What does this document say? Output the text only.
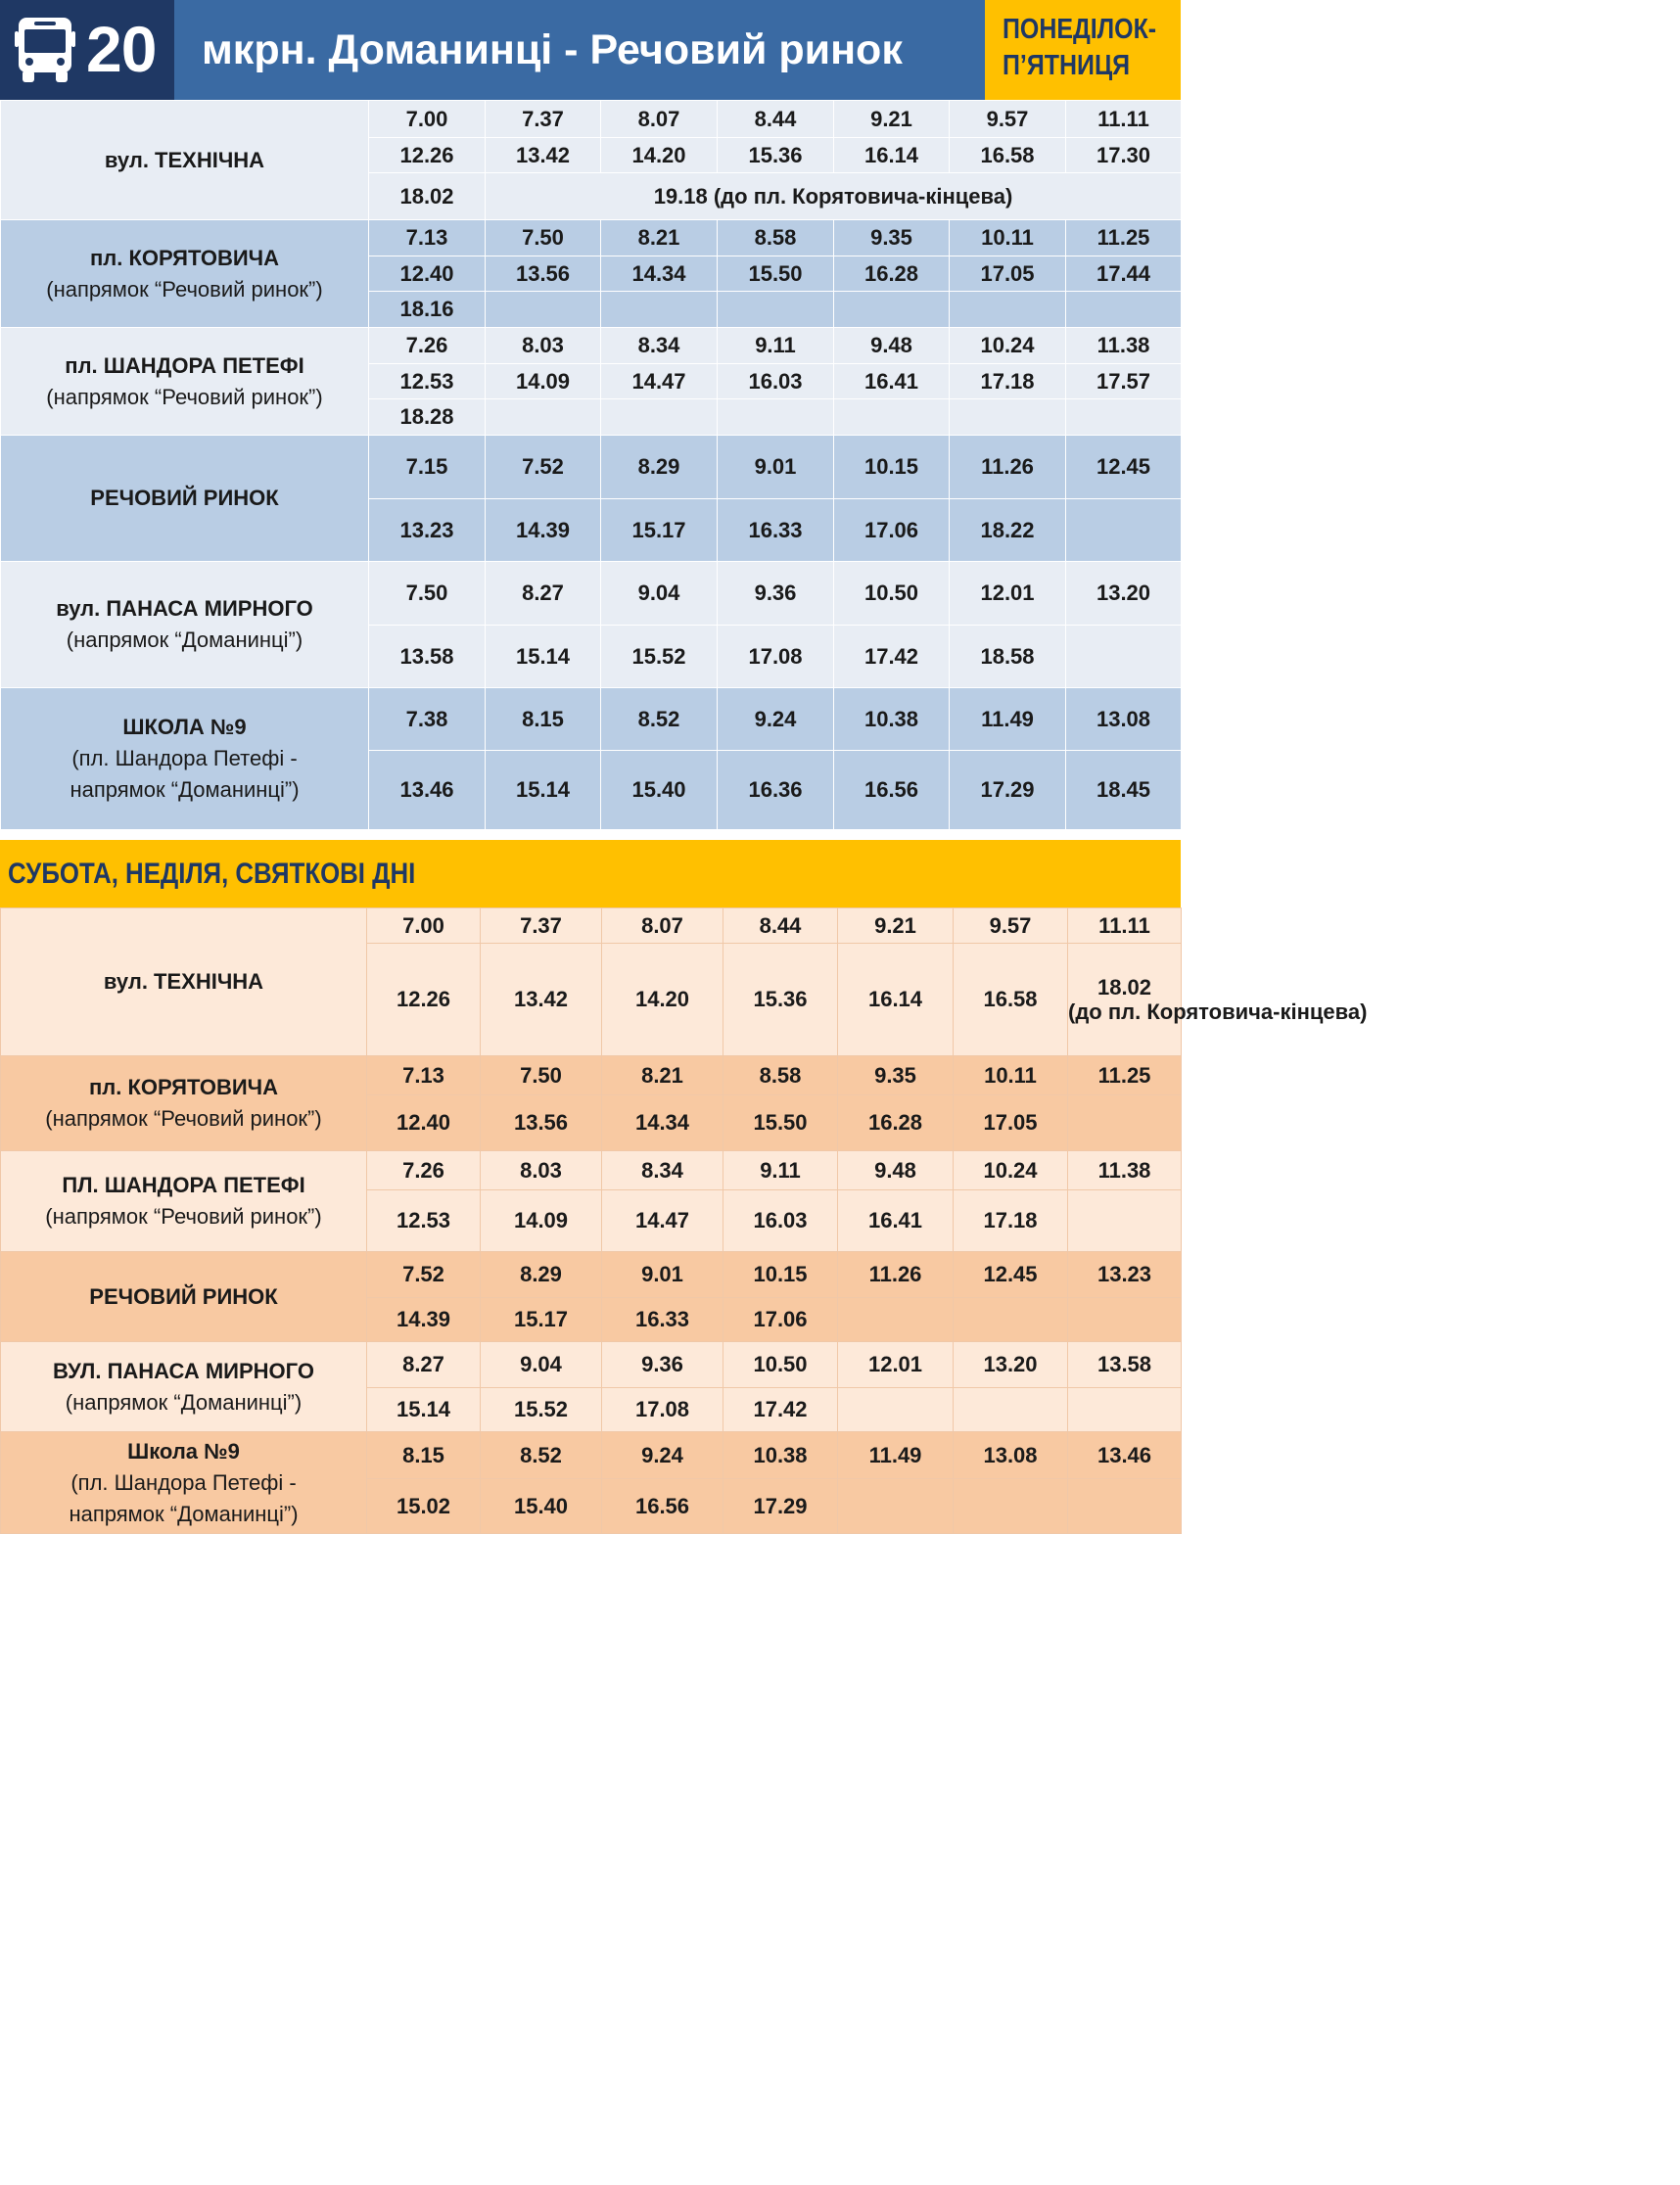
20 мкрн. Доманинці - Речовий ринок	ПОНЕДІЛОК-
П’ЯТНИЦЯ
вул. ТЕХНІЧНА	7.00	7.37	8.07	8.44	9.21	9.57	11.11
	12.26	13.42	14.20	15.36	16.14	16.58	17.30
	18.02	19.18 (до пл. Корятовича-кінцева)					

пл. КОРЯТОВИЧА
(напрямок “Речовий ринок”)	7.13	7.50	8.21	8.58	9.35	10.11	11.25
	12.40	13.56	14.34	15.50	16.28	17.05	17.44
	18.16						

пл. ШАНДОРА ПЕТЕФІ
(напрямок “Речовий ринок”)	7.26	8.03	8.34	9.11	9.48	10.24	11.38
	12.53	14.09	14.47	16.03	16.41	17.18	17.57
	18.28						

РЕЧОВИЙ РИНОК	7.15	7.52	8.29	9.01	10.15	11.26	12.45
	13.23	14.39	15.17	16.33	17.06	18.22	

вул. ПАНАСА МИРНОГО
(напрямок “Доманинці”)	7.50	8.27	9.04	9.36	10.50	12.01	13.20
	13.58	15.14	15.52	17.08	17.42	18.58	

ШКОЛА №9
(пл. Шандора Петефі -
напрямок “Доманинці”)	7.38	8.15	8.52	9.24	10.38	11.49	13.08
	13.46	15.14	15.40	16.36	16.56	17.29	18.45
СУБОТА, НЕДІЛЯ, СВЯТКОВІ ДНІ
вул. ТЕХНІЧНА	7.00	7.37	8.07	8.44	9.21	9.57	11.11
	12.26	13.42	14.20	15.36	16.14	16.58	18.02
(до пл. Корятовича-кінцева)

пл. КОРЯТОВИЧА
(напрямок “Речовий ринок”)	7.13	7.50	8.21	8.58	9.35	10.11	11.25
	12.40	13.56	14.34	15.50	16.28	17.05	

ПЛ. ШАНДОРА ПЕТЕФІ
(напрямок “Речовий ринок”)	7.26	8.03	8.34	9.11	9.48	10.24	11.38
	12.53	14.09	14.47	16.03	16.41	17.18	

РЕЧОВИЙ РИНОК	7.52	8.29	9.01	10.15	11.26	12.45	13.23
	14.39	15.17	16.33	17.06			

ВУЛ. ПАНАСА МИРНОГО
(напрямок “Доманинці”)	8.27	9.04	9.36	10.50	12.01	13.20	13.58
	15.14	15.52	17.08	17.42			

Школа №9
(пл. Шандора Петефі -
напрямок “Доманинці”)	8.15	8.52	9.24	10.38	11.49	13.08	13.46
	15.02	15.40	16.56	17.29			
